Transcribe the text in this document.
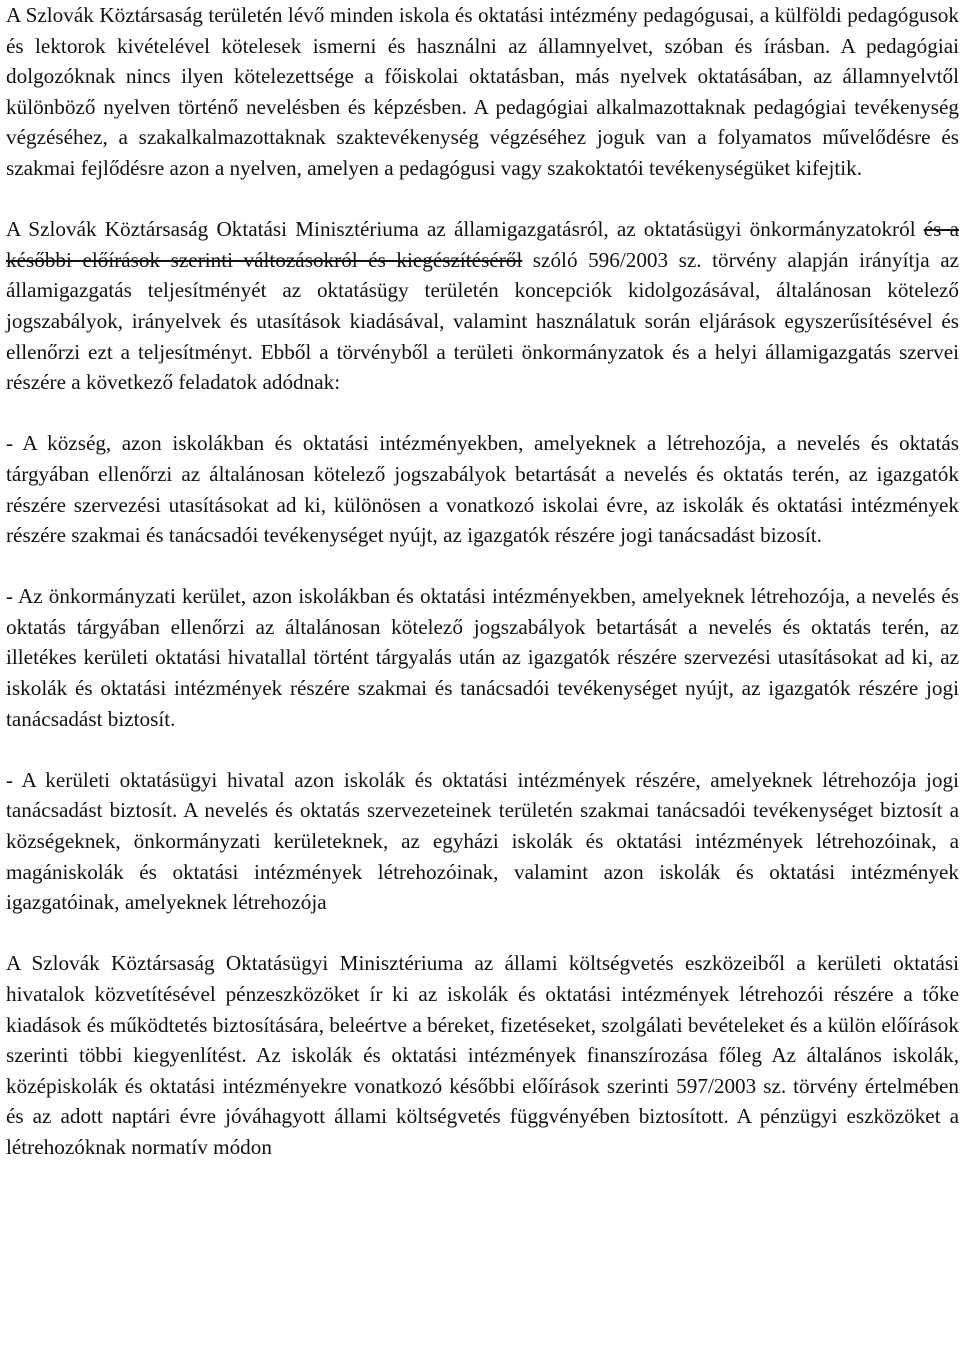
A Szlovák Köztársaság területén lévő minden iskola és oktatási intézmény pedagógusai, a külföldi pedagógusok és lektorok kivételével kötelesek ismerni és használni az államnyelvet, szóban és írásban. A pedagógiai dolgozóknak nincs ilyen kötelezettsége a főiskolai oktatásban, más nyelvek oktatásában, az államnyelvtől különböző nyelven történő nevelésben és képzésben. A pedagógiai alkalmazottaknak pedagógiai tevékenység végzéséhez, a szakalkalmazottaknak szaktevékenység végzéséhez joguk van a folyamatos művelődésre és szakmai fejlődésre azon a nyelven, amelyen a pedagógusi vagy szakoktatói tevékenységüket kifejtik.

A Szlovák Köztársaság Oktatási Minisztériuma az államigazgatásról, az oktatásügyi önkormányzatokról és a későbbi előírások szerinti változásokról és kiegészítéséről szóló 596/2003 sz. törvény alapján irányítja az államigazgatás teljesítményét az oktatásügy területén koncepciók kidolgozásával, általánosan kötelező jogszabályok, irányelvek és utasítások kiadásával, valamint használatuk során eljárások egyszerűsítésével és ellenőrzi ezt a teljesítményt. Ebből a törvényből a területi önkormányzatok és a helyi államigazgatás szervei részére a következő feladatok adódnak:

- A község, azon iskolákban és oktatási intézményekben, amelyeknek a létrehozója, a nevelés és oktatás tárgyában ellenőrzi az általánosan kötelező jogszabályok betartását a nevelés és oktatás terén, az igazgatók részére szervezési utasításokat ad ki, különösen a vonatkozó iskolai évre, az iskolák és oktatási intézmények részére szakmai és tanácsadói tevékenységet nyújt, az igazgatók részére jogi tanácsadást bizosít.

- Az önkormányzati kerület, azon iskolákban és oktatási intézményekben, amelyeknek létrehozója, a nevelés és oktatás tárgyában ellenőrzi az általánosan kötelező jogszabályok betartását a nevelés és oktatás terén, az illetékes kerületi oktatási hivatallal történt tárgyalás után az igazgatók részére szervezési utasításokat ad ki, az iskolák és oktatási intézmények részére szakmai és tanácsadói tevékenységet nyújt, az igazgatók részére jogi tanácsadást biztosít.

- A kerületi oktatásügyi hivatal azon iskolák és oktatási intézmények részére, amelyeknek létrehozója jogi tanácsadást biztosít. A nevelés és oktatás szervezeteinek területén szakmai tanácsadói tevékenységet biztosít a községeknek, önkormányzati kerületeknek, az egyházi iskolák és oktatási intézmények létrehozóinak, a magániskolák és oktatási intézmények létrehozóinak, valamint azon iskolák és oktatási intézmények igazgatóinak, amelyeknek létrehozója

A Szlovák Köztársaság Oktatásügyi Minisztériuma az állami költségvetés eszközeiből a kerületi oktatási hivatalok közvetítésével pénzeszközöket ír ki az iskolák és oktatási intézmények létrehozói részére a tőke kiadások és működtetés biztosítására, beleértve a béreket, fizetéseket, szolgálati bevételeket és a külön előírások szerinti többi kiegyenlítést. Az iskolák és oktatási intézmények finanszírozása főleg Az általános iskolák, középiskolák és oktatási intézményekre vonatkozó későbbi előírások szerinti 597/2003 sz. törvény értelmében és az adott naptári évre jóváhagyott állami költségvetés függvényében biztosított. A pénzügyi eszközöket a létrehozóknak normatív módon
